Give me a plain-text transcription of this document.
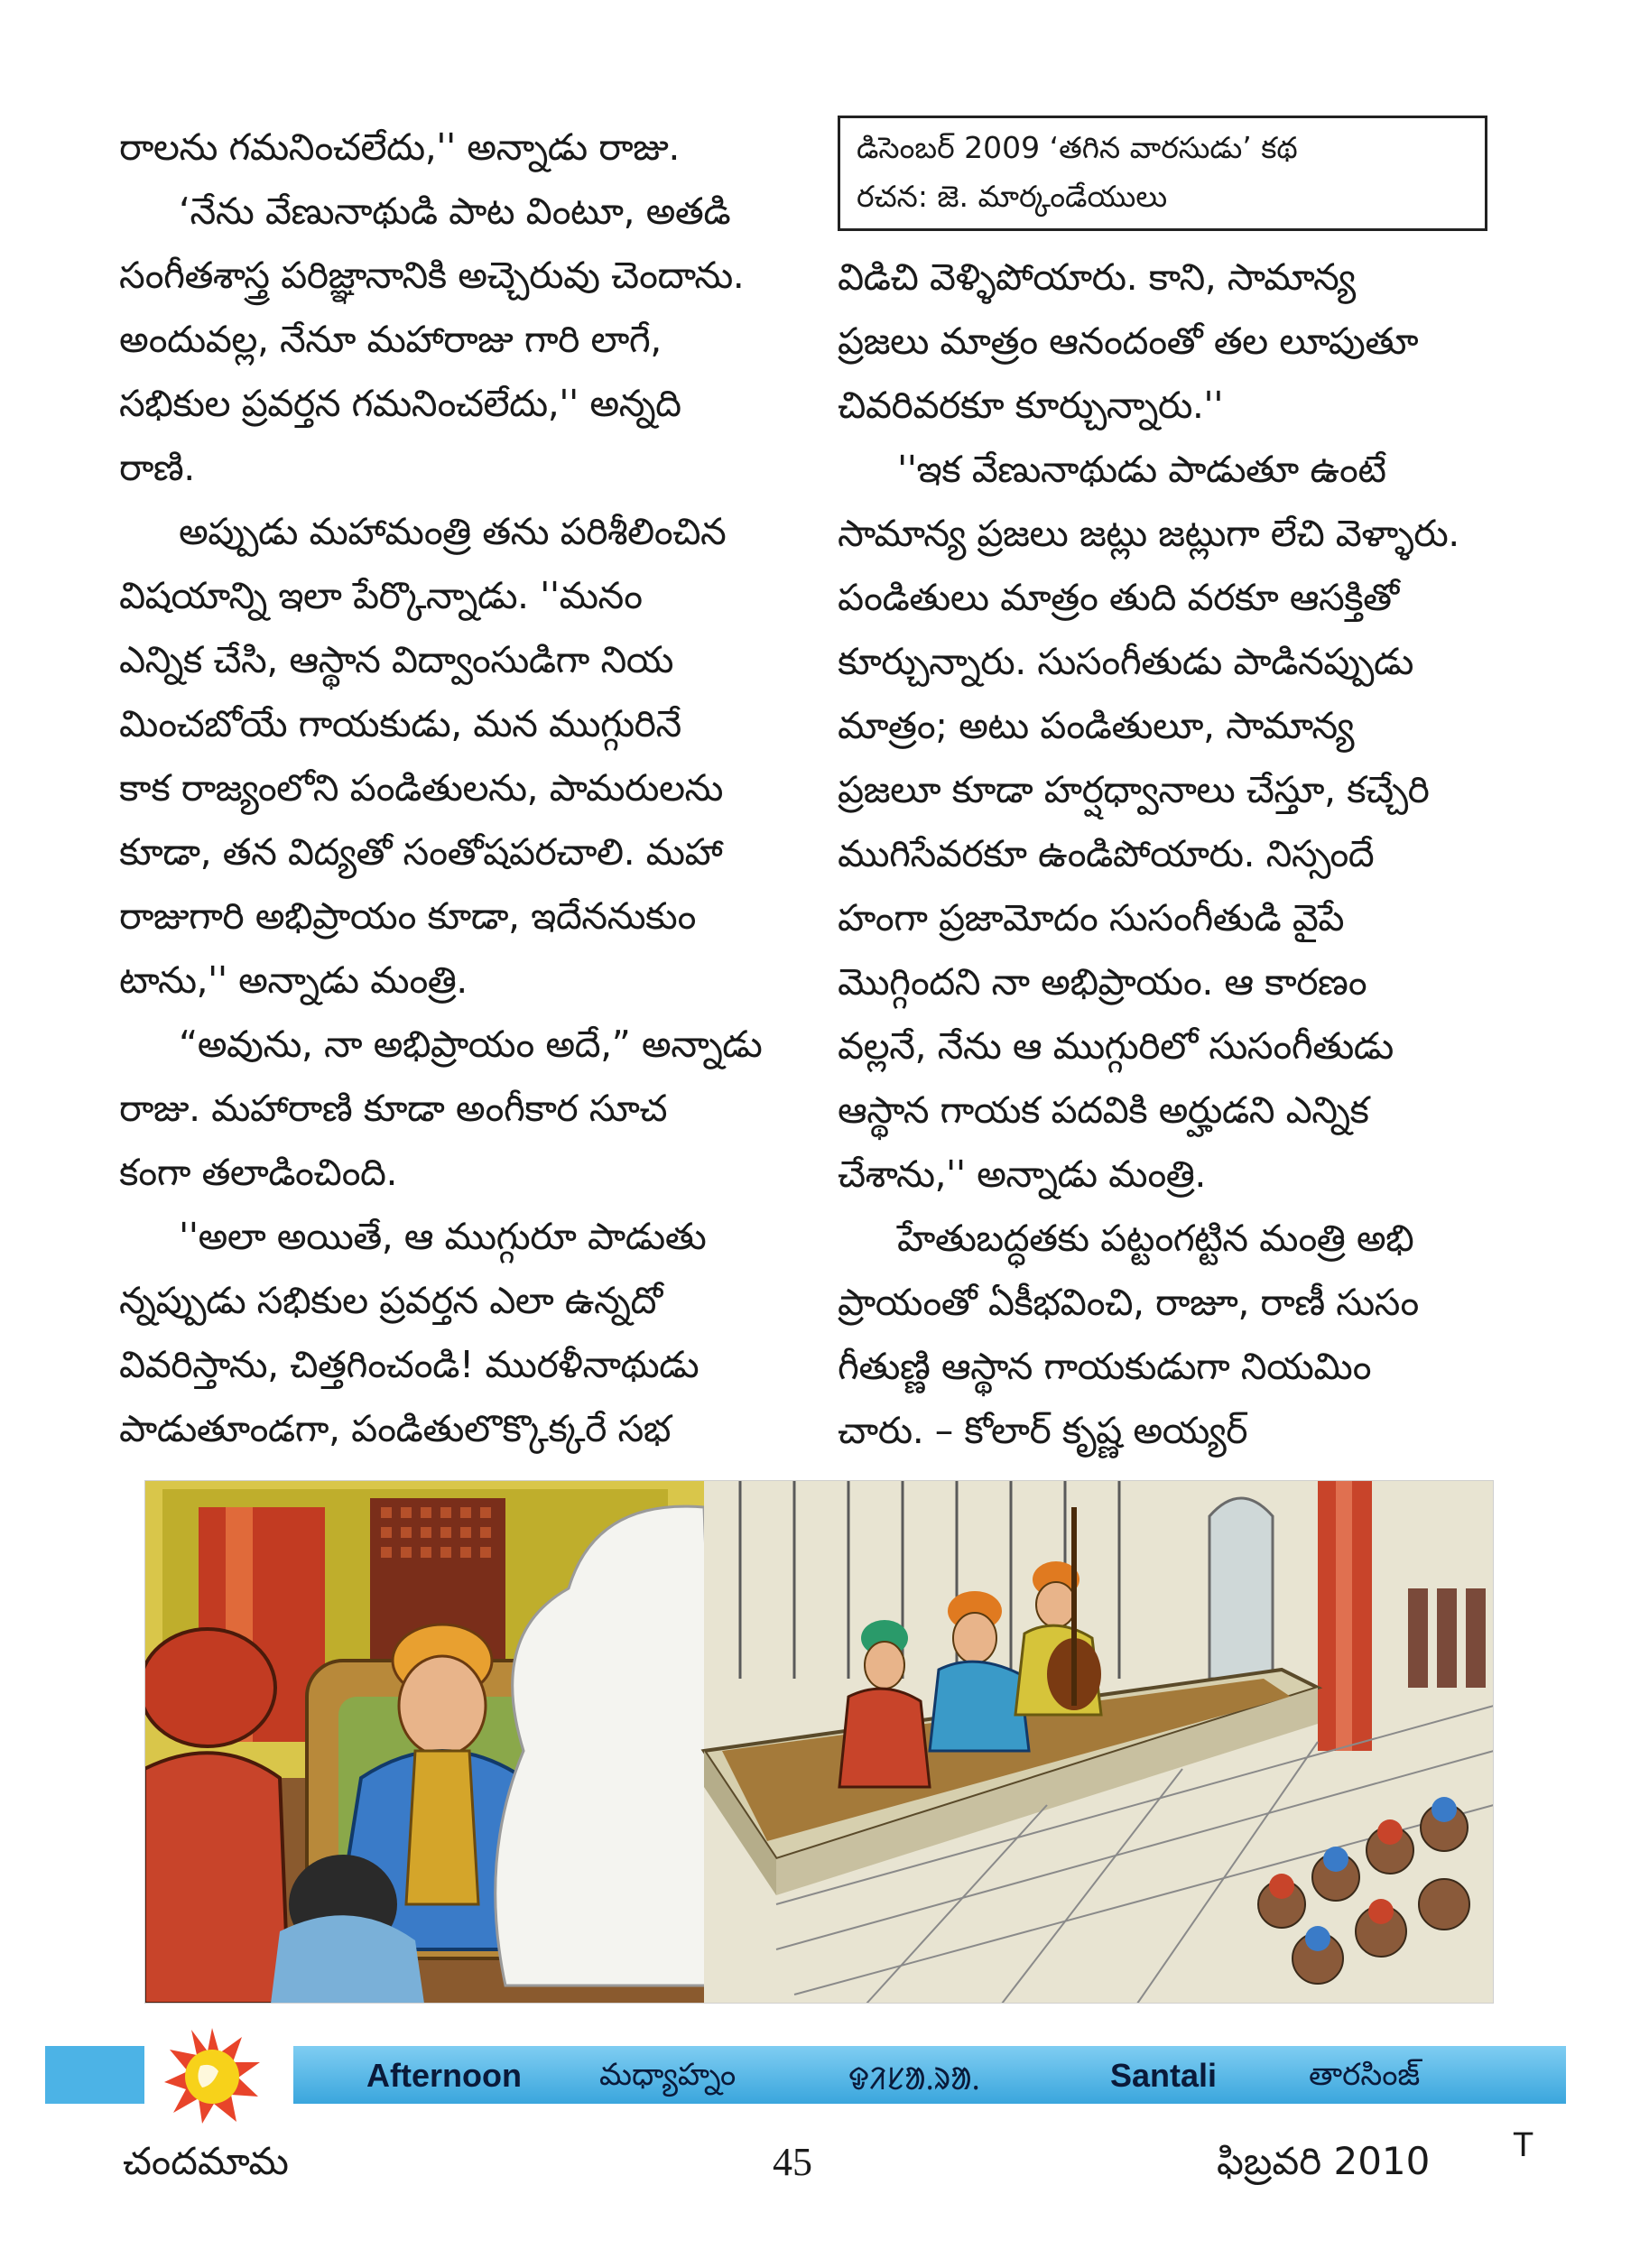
రాలను గమనించలేదు,'' అన్నాడు రాజు.
‘నేను వేణునాథుడి పాట వింటూ, అతడి
సంగీతశాస్త్ర పరిజ్ఞానానికి అచ్చెరువు చెందాను.
అందువల్ల, నేనూ మహారాజు గారి లాగే,
సభికుల ప్రవర్తన గమనించలేదు,'' అన్నది
రాణి.
అప్పుడు మహామంత్రి తను పరిశీలించిన
విషయాన్ని ఇలా పేర్కొన్నాడు. ''మనం
ఎన్నిక చేసి, ఆస్థాన విద్వాంసుడిగా నియ
మించబోయే గాయకుడు, మన ముగ్గురినే
కాక రాజ్యంలోని పండితులను, పామరులను
కూడా, తన విద్యతో సంతోషపరచాలి. మహా
రాజుగారి అభిప్రాయం కూడా, ఇదేననుకుం
టాను,'' అన్నాడు మంత్రి.
“అవును, నా అభిప్రాయం అదే,” అన్నాడు
రాజు. మహారాణి కూడా అంగీకార సూచ
కంగా తలాడించింది.
''అలా అయితే, ఆ ముగ్గురూ పాడుతు
న్నప్పుడు సభికుల ప్రవర్తన ఎలా ఉన్నదో
వివరిస్తాను, చిత్తగించండి! మురళీనాథుడు
పాడుతూండగా, పండితులొక్కొక్కరే సభ
డిసెంబర్ 2009 ‘తగిన వారసుడు’ కథ
రచన: జె. మార్కండేయులు
విడిచి వెళ్ళిపోయారు. కాని, సామాన్య
ప్రజలు మాత్రం ఆనందంతో తల లూపుతూ
చివరివరకూ కూర్చున్నారు.''
''ఇక వేణునాథుడు పాడుతూ ఉంటే
సామాన్య ప్రజలు జట్లు జట్లుగా లేచి వెళ్ళారు.
పండితులు మాత్రం తుది వరకూ ఆసక్తితో
కూర్చున్నారు. సుసంగీతుడు పాడినప్పుడు
మాత్రం; అటు పండితులూ, సామాన్య
ప్రజలూ కూడా హర్షధ్వానాలు చేస్తూ, కచ్చేరి
ముగిసేవరకూ ఉండిపోయారు. నిస్సందే
హంగా ప్రజామోదం సుసంగీతుడి వైపే
మొగ్గిందని నా అభిప్రాయం. ఆ కారణం
వల్లనే, నేను ఆ ముగ్గురిలో సుసంగీతుడు
ఆస్థాన గాయక పదవికి అర్హుడని ఎన్నిక
చేశాను,'' అన్నాడు మంత్రి.
హేతుబద్ధతకు పట్టంగట్టిన మంత్రి అభి
ప్రాయంతో ఏకీభవించి, రాజూ, రాణీ సుసం
గీతుణ్ణి ఆస్థాన గాయకుడుగా నియమిం
చారు. – కోలార్ కృష్ణ అయ్యర్
Afternoon	మధ్యాహ్నం	ᱫᱤᱥᱟᱹᱨᱟᱹ	Santali	తారసింజ్
చందమామ	45	ఫిబ్రవరి 2010 T
